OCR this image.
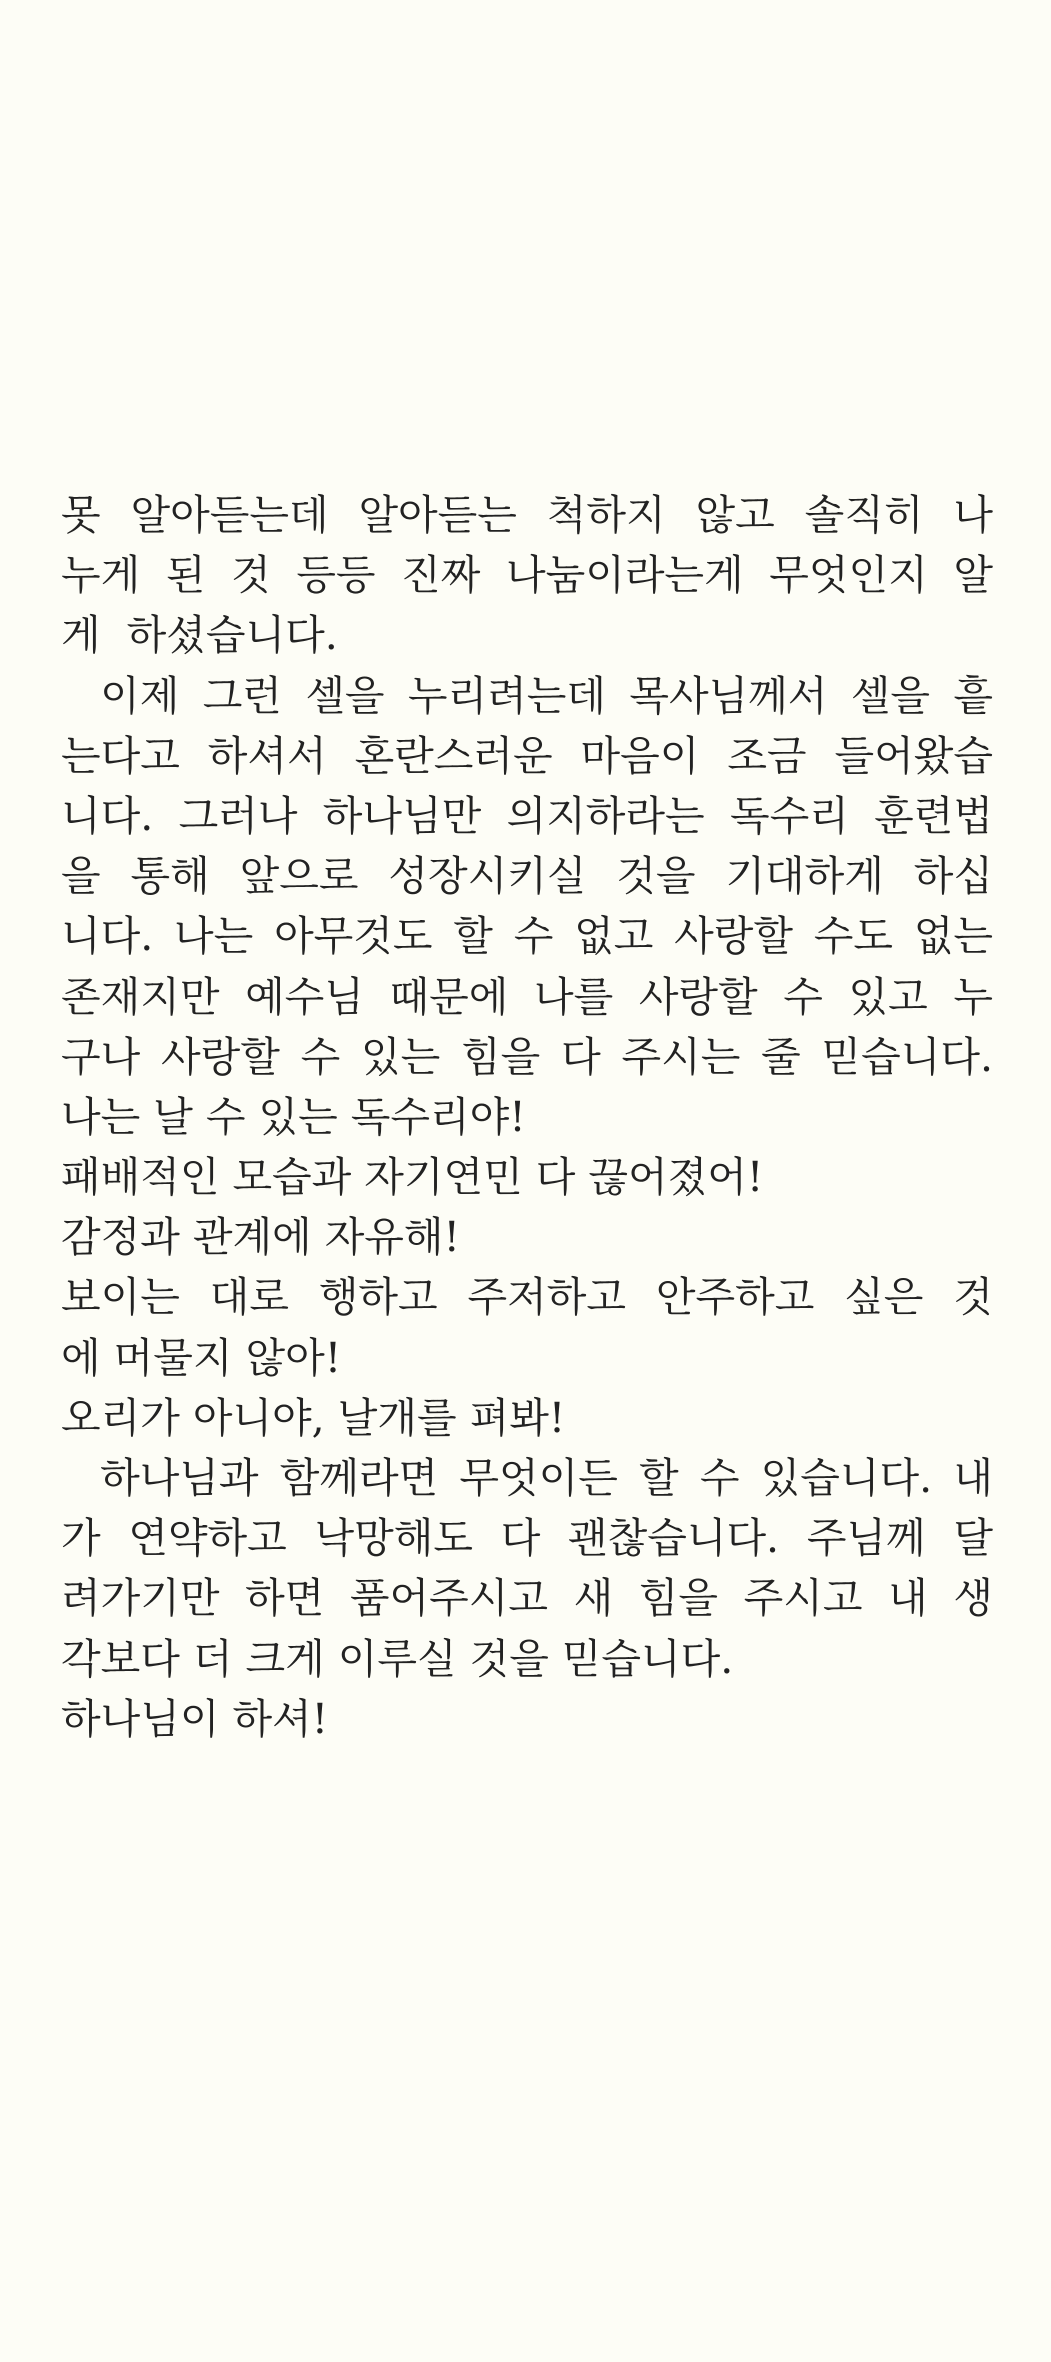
못 알아듣는데 알아듣는 척하지 않고 솔직히 나
누게 된 것 등등 진짜 나눔이라는게 무엇인지 알
게  하셨습니다.
이제 그런 셀을 누리려는데 목사님께서 셀을 흩
는다고 하셔서 혼란스러운 마음이 조금 들어왔습
니다. 그러나 하나님만 의지하라는 독수리 훈련법
을 통해 앞으로 성장시키실 것을 기대하게 하십
니다. 나는 아무것도 할 수 없고 사랑할 수도 없는
존재지만 예수님 때문에 나를 사랑할 수 있고 누
구나 사랑할 수 있는 힘을 다 주시는 줄 믿습니다.
나는 날 수 있는 독수리야!
패배적인 모습과 자기연민 다 끊어졌어!
감정과 관계에 자유해!
보이는 대로 행하고 주저하고 안주하고 싶은 것
에 머물지 않아!
오리가 아니야, 날개를 펴봐!
하나님과 함께라면 무엇이든 할 수 있습니다. 내
가 연약하고 낙망해도 다 괜찮습니다. 주님께 달
려가기만 하면 품어주시고 새 힘을 주시고 내 생
각보다 더 크게 이루실 것을 믿습니다.
하나님이 하셔!
